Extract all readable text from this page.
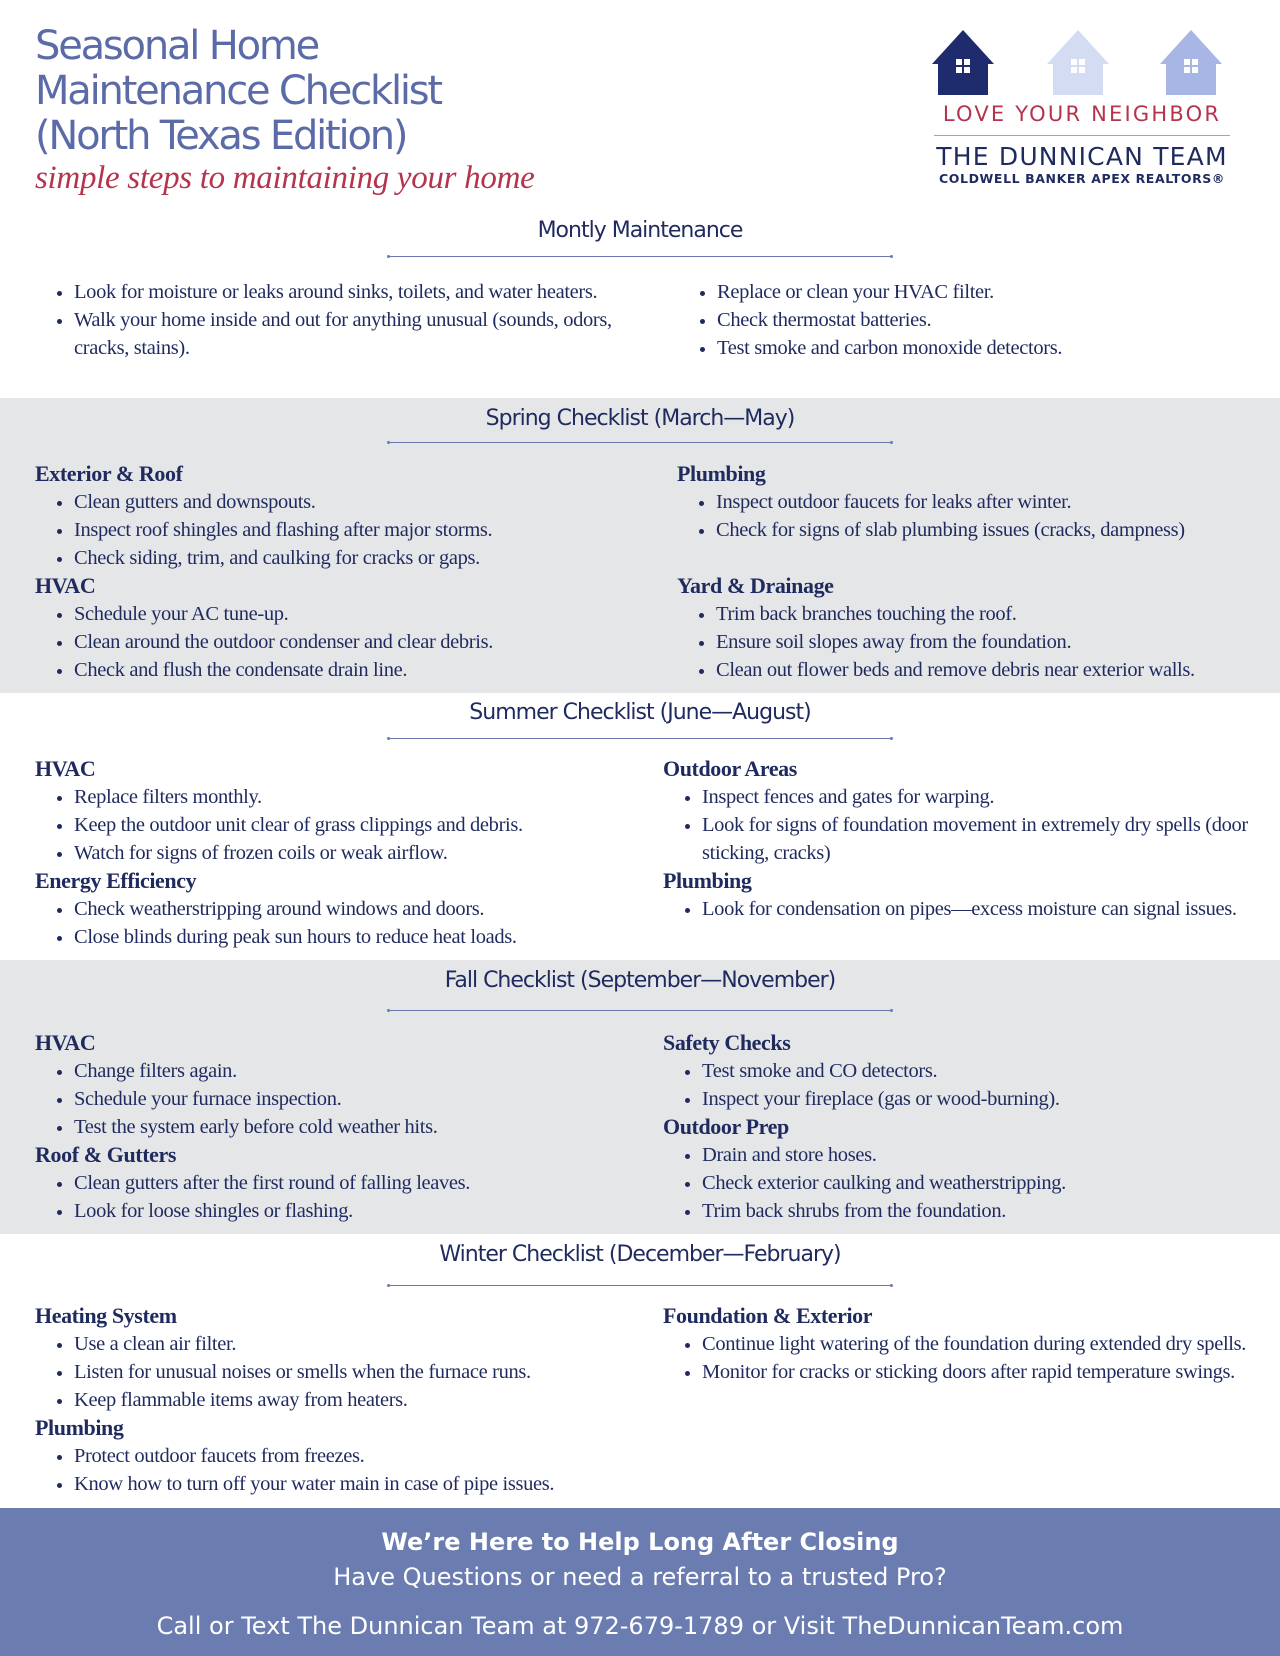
Seasonal Home
Maintenance Checklist
(North Texas Edition)
simple steps to maintaining your home
LOVE YOUR NEIGHBOR
THE DUNNICAN TEAM
COLDWELL BANKER APEX REALTORS®
Montly Maintenance
• Look for moisture or leaks around sinks, toilets, and water heaters.
• Walk your home inside and out for anything unusual (sounds, odors, cracks, stains).
• Replace or clean your HVAC filter.
• Check thermostat batteries.
• Test smoke and carbon monoxide detectors.
Spring Checklist (March—May)
Exterior & Roof
• Clean gutters and downspouts.
• Inspect roof shingles and flashing after major storms.
• Check siding, trim, and caulking for cracks or gaps.
HVAC
• Schedule your AC tune-up.
• Clean around the outdoor condenser and clear debris.
• Check and flush the condensate drain line.
Plumbing
• Inspect outdoor faucets for leaks after winter.
• Check for signs of slab plumbing issues (cracks, dampness)
Yard & Drainage
• Trim back branches touching the roof.
• Ensure soil slopes away from the foundation.
• Clean out flower beds and remove debris near exterior walls.
Summer Checklist (June—August)
HVAC
• Replace filters monthly.
• Keep the outdoor unit clear of grass clippings and debris.
• Watch for signs of frozen coils or weak airflow.
Energy Efficiency
• Check weatherstripping around windows and doors.
• Close blinds during peak sun hours to reduce heat loads.
Outdoor Areas
• Inspect fences and gates for warping.
• Look for signs of foundation movement in extremely dry spells (door sticking, cracks)
Plumbing
• Look for condensation on pipes—excess moisture can signal issues.
Fall Checklist (September—November)
HVAC
• Change filters again.
• Schedule your furnace inspection.
• Test the system early before cold weather hits.
Roof & Gutters
• Clean gutters after the first round of falling leaves.
• Look for loose shingles or flashing.
Safety Checks
• Test smoke and CO detectors.
• Inspect your fireplace (gas or wood-burning).
Outdoor Prep
• Drain and store hoses.
• Check exterior caulking and weatherstripping.
• Trim back shrubs from the foundation.
Winter Checklist (December—February)
Heating System
• Use a clean air filter.
• Listen for unusual noises or smells when the furnace runs.
• Keep flammable items away from heaters.
Plumbing
• Protect outdoor faucets from freezes.
• Know how to turn off your water main in case of pipe issues.
Foundation & Exterior
• Continue light watering of the foundation during extended dry spells.
• Monitor for cracks or sticking doors after rapid temperature swings.
We’re Here to Help Long After Closing
Have Questions or need a referral to a trusted Pro?
Call or Text The Dunnican Team at 972-679-1789 or Visit TheDunnicanTeam.com
